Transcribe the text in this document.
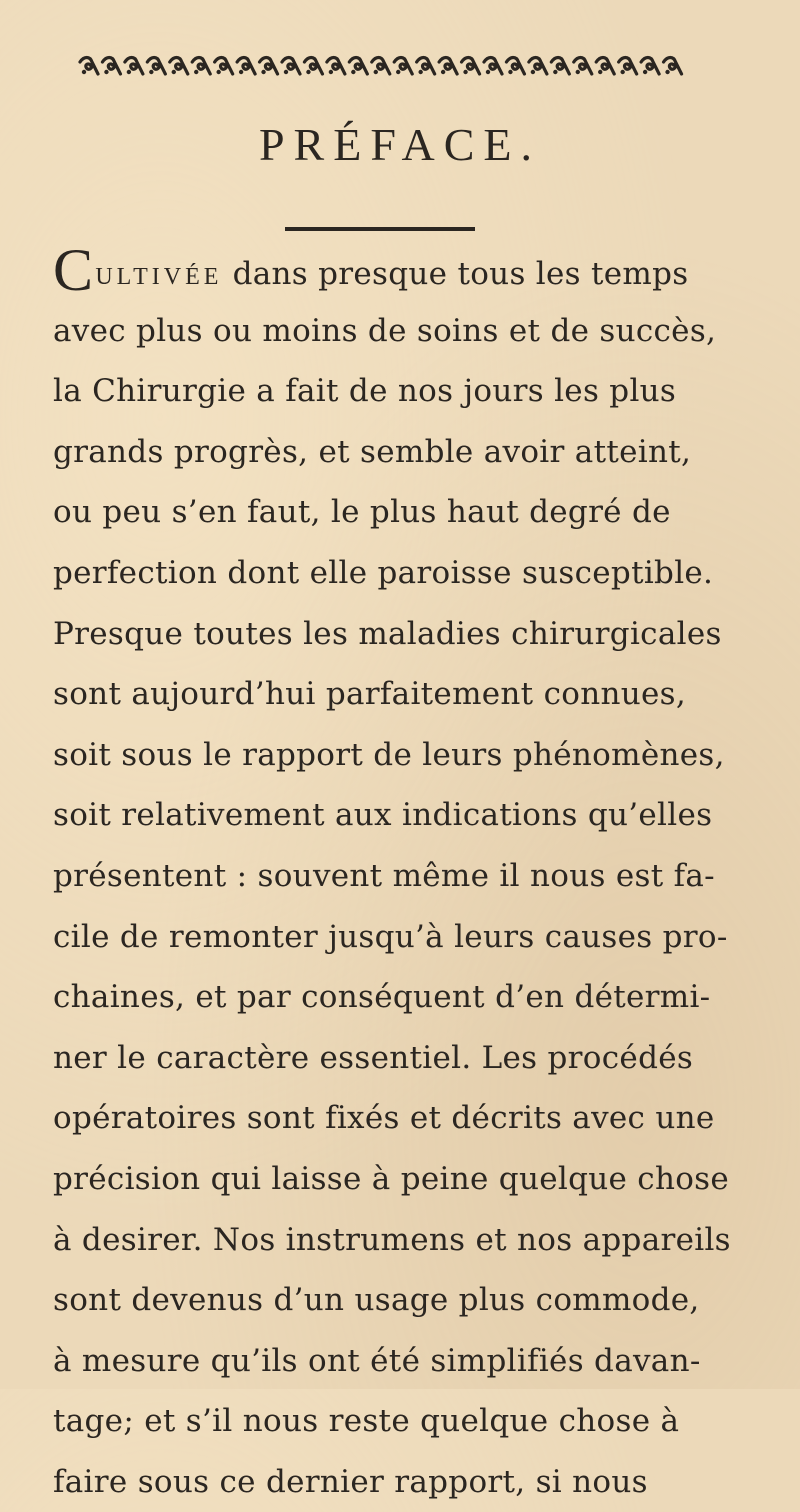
PRÉFACE.
CULTIVÉE dans presque tous les temps
avec plus ou moins de soins et de succès,
la Chirurgie a fait de nos jours les plus
grands progrès, et semble avoir atteint,
ou peu s’en faut, le plus haut degré de
perfection dont elle paroisse susceptible.
Presque toutes les maladies chirurgicales
sont aujourd’hui parfaitement connues,
soit sous le rapport de leurs phénomènes,
soit relativement aux indications qu’elles
présentent : souvent même il nous est fa-
cile de remonter jusqu’à leurs causes pro-
chaines, et par conséquent d’en détermi-
ner le caractère essentiel. Les procédés
opératoires sont fixés et décrits avec une
précision qui laisse à peine quelque chose
à desirer. Nos instrumens et nos appareils
sont devenus d’un usage plus commode,
à mesure qu’ils ont été simplifiés davan-
tage; et s’il nous reste quelque chose à
faire sous ce dernier rapport, si nous
